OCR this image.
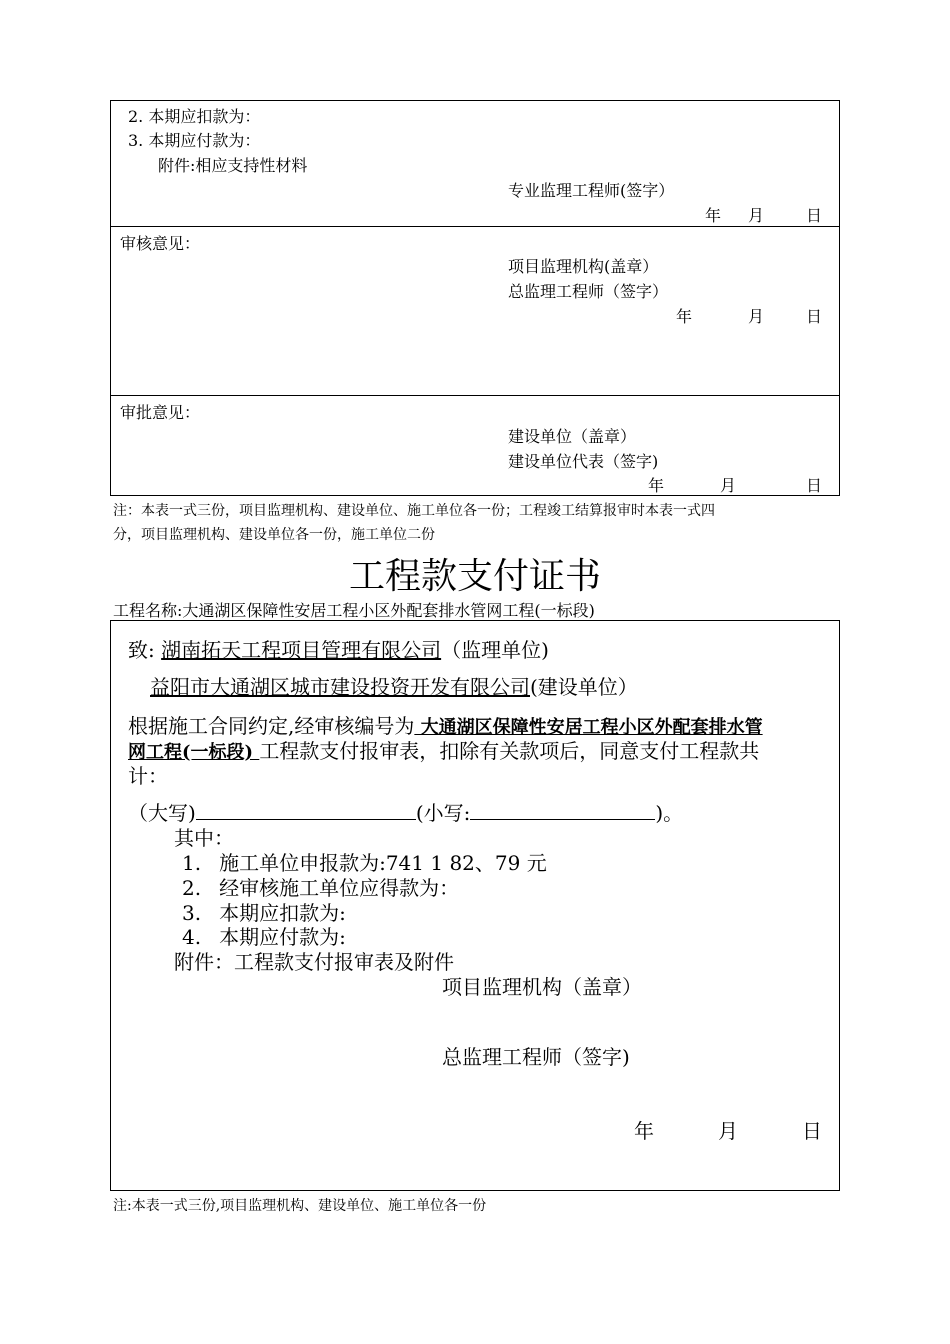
2. 本期应扣款为：
3. 本期应付款为：
附件:相应支持性材料
专业监理工程师(签字）
年 月	日
审核意见：
项目监理机构(盖章）
总监理工程师（签字）
年	月	日
审批意见：
建设单位（盖章）
建设单位代表（签字)
年	月	日
注：本表一式三份，项目监理机构、建设单位、施工单位各一份；工程竣工结算报审时本表一式四
分，项目监理机构、建设单位各一份，施工单位二份
工程款支付证书
工程名称:大通湖区保障性安居工程小区外配套排水管网工程(一标段)
致: 湖南拓天工程项目管理有限公司（监理单位)
益阳市大通湖区城市建设投资开发有限公司(建设单位）
根据施工合同约定,经审核编号为 大通湖区保障性安居工程小区外配套排水管
网工程(一标段) 工程款支付报审表，扣除有关款项后，同意支付工程款共
计：
（大写)	(小写:	)。
其中：
1. 施工单位申报款为:741 1 82、79 元
2. 经审核施工单位应得款为：
3. 本期应扣款为:
4. 本期应付款为:
附件：工程款支付报审表及附件
项目监理机构（盖章）
总监理工程师（签字)
年	月	日
注:本表一式三份,项目监理机构、建设单位、施工单位各一份
